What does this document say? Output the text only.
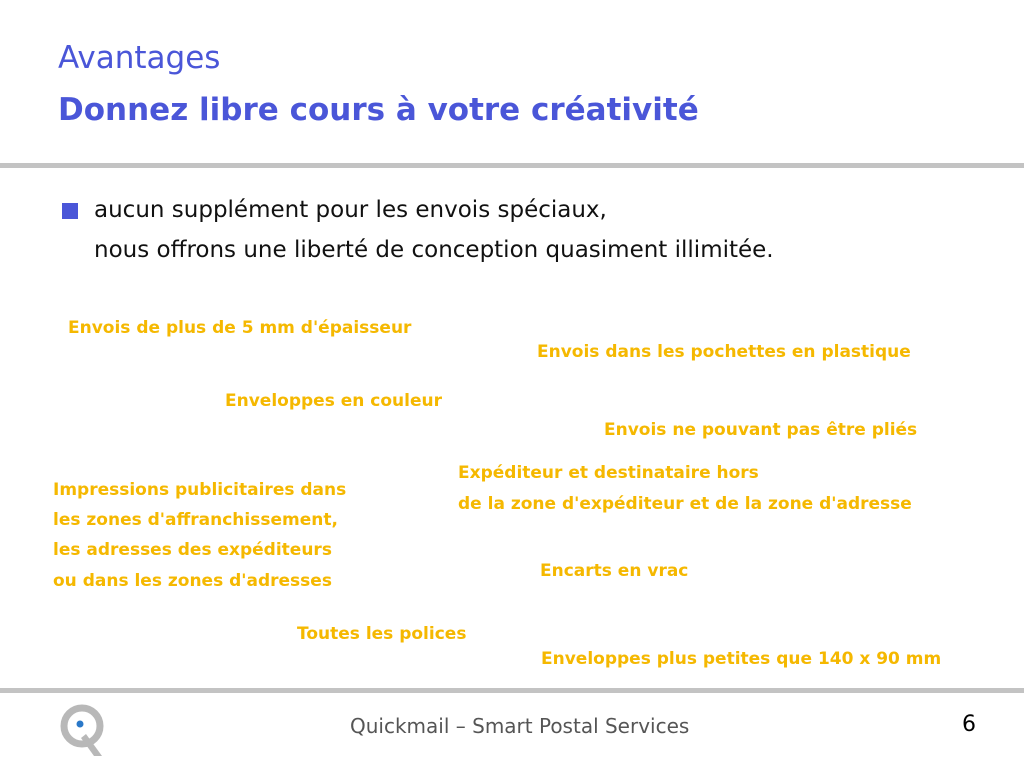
Avantages
Donnez libre cours à votre créativité
aucun supplément pour les envois spéciaux,
nous offrons une liberté de conception quasiment illimitée.
Envois de plus de 5 mm d'épaisseur
Envois dans les pochettes en plastique
Enveloppes en couleur
Envois ne pouvant pas être pliés
Expéditeur et destinataire hors
de la zone d'expéditeur et de la zone d'adresse
Impressions publicitaires dans
les zones d'affranchissement,
les adresses des expéditeurs
ou dans les zones d'adresses	Encarts en vrac
Toutes les polices
Enveloppes plus petites que 140 x 90 mm
Quickmail – Smart Postal Services	6
